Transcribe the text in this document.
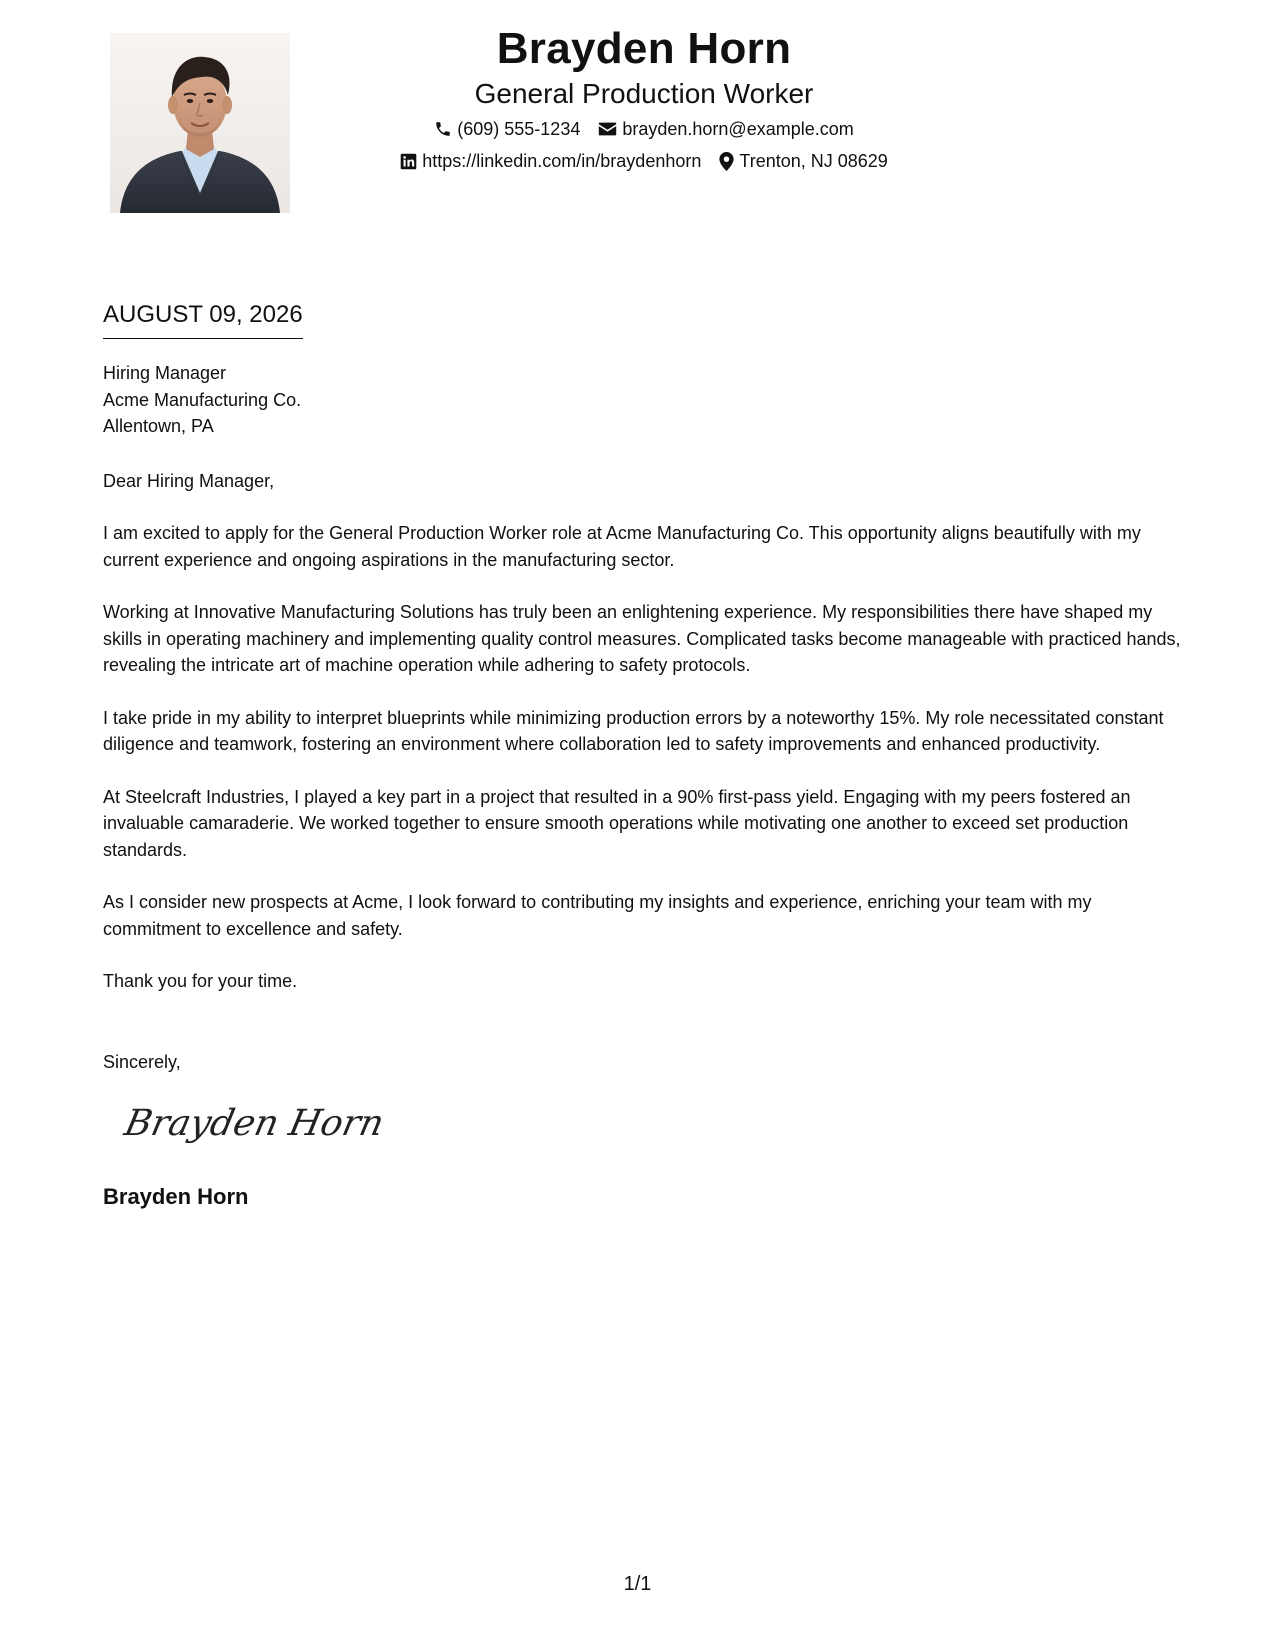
Brayden Horn
General Production Worker
(609) 555-1234 brayden.horn@example.com
https://linkedin.com/in/braydenhorn Trenton, NJ 08629
AUGUST 09, 2026
Hiring Manager
Acme Manufacturing Co.
Allentown, PA
Dear Hiring Manager,
I am excited to apply for the General Production Worker role at Acme Manufacturing Co. This opportunity aligns beautifully with my current experience and ongoing aspirations in the manufacturing sector.
Working at Innovative Manufacturing Solutions has truly been an enlightening experience. My responsibilities there have shaped my skills in operating machinery and implementing quality control measures. Complicated tasks become manageable with practiced hands, revealing the intricate art of machine operation while adhering to safety protocols.
I take pride in my ability to interpret blueprints while minimizing production errors by a noteworthy 15%. My role necessitated constant diligence and teamwork, fostering an environment where collaboration led to safety improvements and enhanced productivity.
At Steelcraft Industries, I played a key part in a project that resulted in a 90% first-pass yield. Engaging with my peers fostered an invaluable camaraderie. We worked together to ensure smooth operations while motivating one another to exceed set production standards.
As I consider new prospects at Acme, I look forward to contributing my insights and experience, enriching your team with my commitment to excellence and safety.
Thank you for your time.
Sincerely,
Brayden Horn
Brayden Horn
1/1
